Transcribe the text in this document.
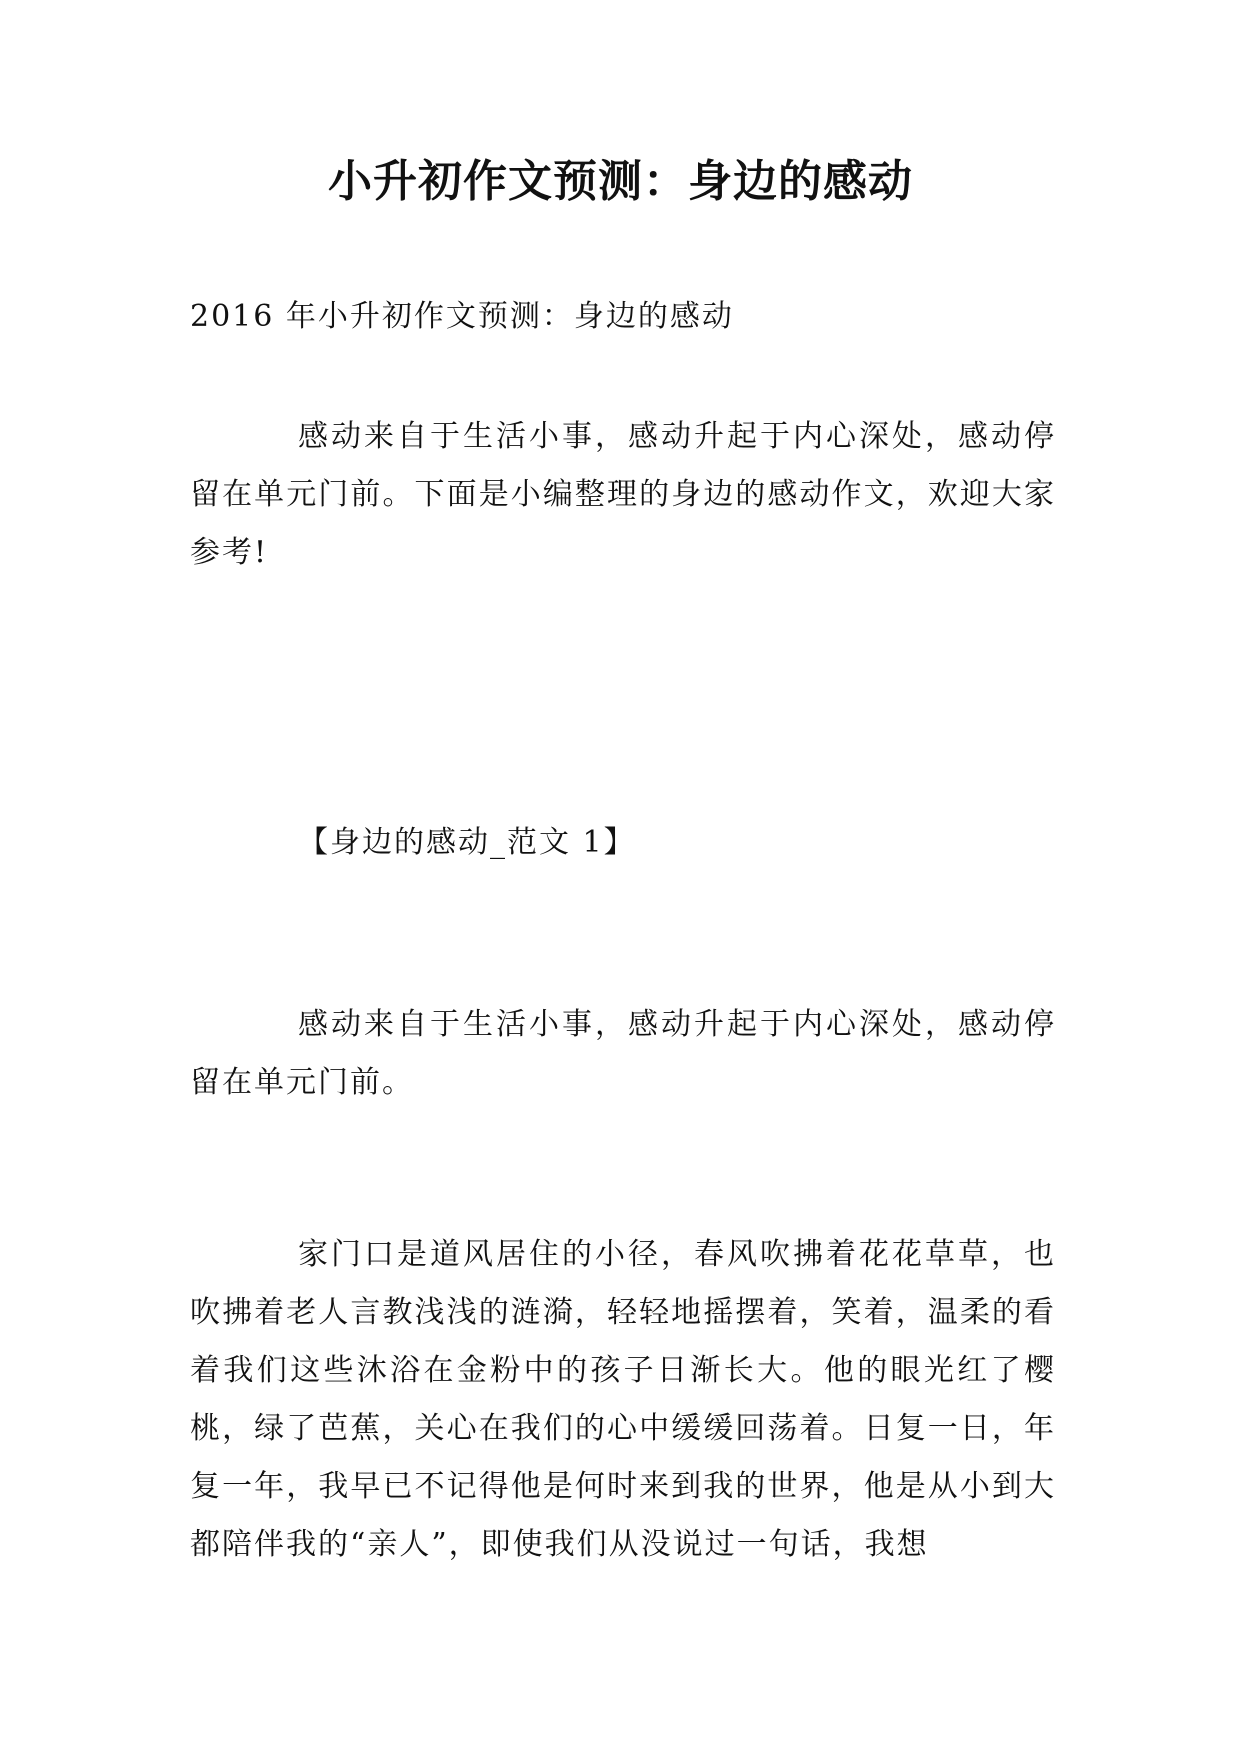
小升初作文预测：身边的感动

2016 年小升初作文预测：身边的感动

感动来自于生活小事，感动升起于内心深处，感动停留在单元门前。下面是小编整理的身边的感动作文，欢迎大家参考!

【身边的感动_范文 1】

感动来自于生活小事，感动升起于内心深处，感动停留在单元门前。

家门口是道风居住的小径，春风吹拂着花花草草，也吹拂着老人言教浅浅的涟漪，轻轻地摇摆着，笑着，温柔的看着我们这些沐浴在金粉中的孩子日渐长大。他的眼光红了樱桃，绿了芭蕉，关心在我们的心中缓缓回荡着。日复一日，年复一年，我早已不记得他是何时来到我的世界，他是从小到大都陪伴我的“亲人”，即使我们从没说过一句话，我想
